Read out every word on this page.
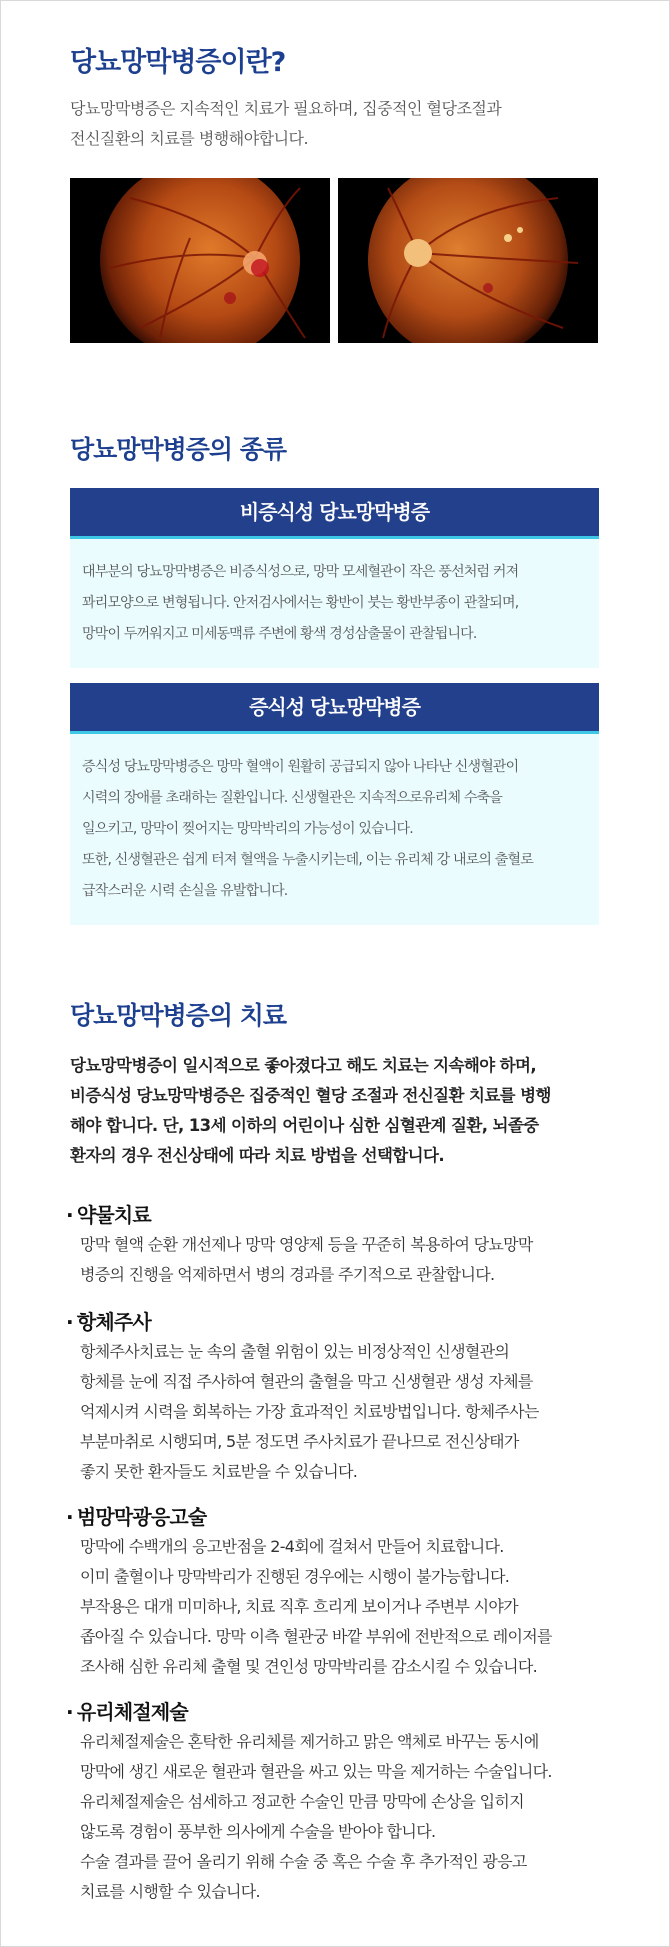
당뇨망막병증이란?

당뇨망막병증은 지속적인 치료가 필요하며, 집중적인 혈당조절과
전신질환의 치료를 병행해야합니다.

당뇨망막병증의 종류
비증식성 당뇨망막병증
대부분의 당뇨망막병증은 비증식성으로, 망막 모세혈관이 작은 풍선처럼 커져
꽈리모양으로 변형됩니다. 안저검사에서는 황반이 붓는 황반부종이 관찰되며,
망막이 두꺼워지고 미세동맥류 주변에 황색 경성삼출물이 관찰됩니다.
증식성 당뇨망막병증
증식성 당뇨망막병증은 망막 혈액이 원활히 공급되지 않아 나타난 신생혈관이
시력의 장애를 초래하는 질환입니다. 신생혈관은 지속적으로유리체 수축을
일으키고, 망막이 찢어지는 망막박리의 가능성이 있습니다.
또한, 신생혈관은 쉽게 터져 혈액을 누출시키는데, 이는 유리체 강 내로의 출혈로
급작스러운 시력 손실을 유발합니다.
당뇨망막병증의 치료
당뇨망막병증이 일시적으로 좋아졌다고 해도 치료는 지속해야 하며,
비증식성 당뇨망막병증은 집중적인 혈당 조절과 전신질환 치료를 병행
해야 합니다. 단, 13세 이하의 어린이나 심한 심혈관계 질환, 뇌졸중
환자의 경우 전신상태에 따라 치료 방법을 선택합니다.
· 약물치료
망막 혈액 순환 개선제나 망막 영양제 등을 꾸준히 복용하여 당뇨망막
병증의 진행을 억제하면서 병의 경과를 주기적으로 관찰합니다.
· 항체주사
항체주사치료는 눈 속의 출혈 위험이 있는 비정상적인 신생혈관의
항체를 눈에 직접 주사하여 혈관의 출혈을 막고 신생혈관 생성 자체를
억제시켜 시력을 회복하는 가장 효과적인 치료방법입니다. 항체주사는
부분마취로 시행되며, 5분 정도면 주사치료가 끝나므로 전신상태가
좋지 못한 환자들도 치료받을 수 있습니다.
· 범망막광응고술
망막에 수백개의 응고반점을 2-4회에 걸쳐서 만들어 치료합니다.
이미 출혈이나 망막박리가 진행된 경우에는 시행이 불가능합니다.
부작용은 대개 미미하나, 치료 직후 흐리게 보이거나 주변부 시야가
좁아질 수 있습니다. 망막 이측 혈관궁 바깥 부위에 전반적으로 레이저를
조사해 심한 유리체 출혈 및 견인성 망막박리를 감소시킬 수 있습니다.
· 유리체절제술
유리체절제술은 혼탁한 유리체를 제거하고 맑은 액체로 바꾸는 동시에
망막에 생긴 새로운 혈관과 혈관을 싸고 있는 막을 제거하는 수술입니다.
유리체절제술은 섬세하고 정교한 수술인 만큼 망막에 손상을 입히지
않도록 경험이 풍부한 의사에게 수술을 받아야 합니다.
수술 결과를 끌어 올리기 위해 수술 중 혹은 수술 후 추가적인 광응고
치료를 시행할 수 있습니다.
